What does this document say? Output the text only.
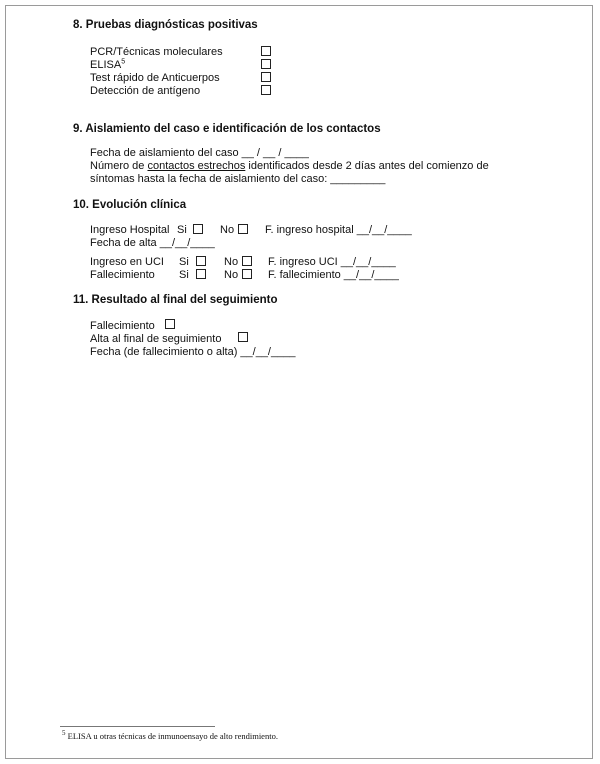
8. Pruebas diagnósticas positivas
PCR/Técnicas moleculares
ELISA$^5$
Test rápido de Anticuerpos
Detección de antígeno
9. Aislamiento del caso e identificación de los contactos
Fecha de aislamiento del caso __ / __ / ____
Número de contactos estrechos identificados desde 2 días antes del comienzo de
síntomas hasta la fecha de aislamiento del caso: _________
10. Evolución clínica
Ingreso Hospital Si	No	F. ingreso hospital __/__/____
Fecha de alta __/__/____
Ingreso en UCI Si	No	F. ingreso UCI __/__/____
Fallecimiento Si	No	F. fallecimiento __/__/____
11. Resultado al final del seguimiento
Fallecimiento
Alta al final de seguimiento
Fecha (de fallecimiento o alta) __/__/____
$^5$ ELISA u otras técnicas de inmunoensayo de alto rendimiento.
